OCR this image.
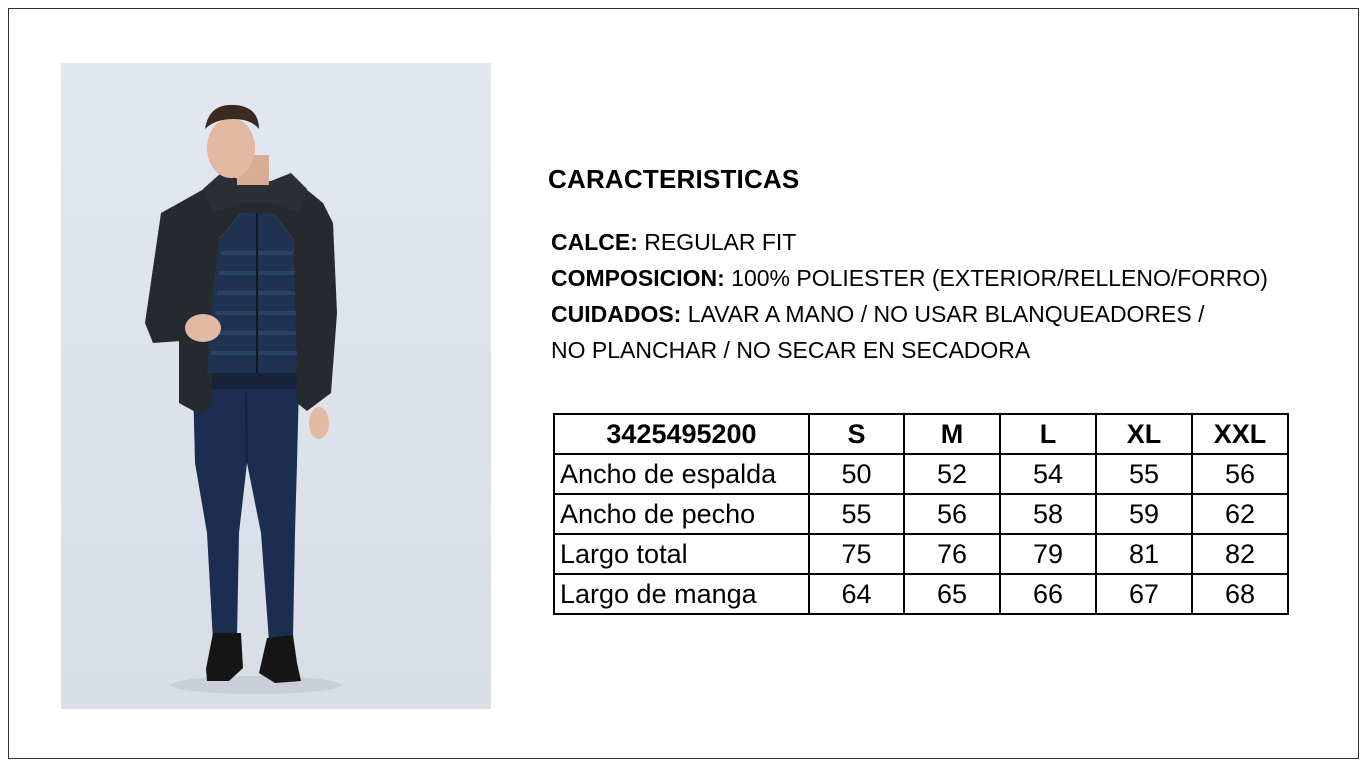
CARACTERISTICAS
CALCE: REGULAR FIT
COMPOSICION: 100% POLIESTER (EXTERIOR/RELLENO/FORRO)
CUIDADOS: LAVAR A MANO / NO USAR BLANQUEADORES /
NO PLANCHAR / NO SECAR EN SECADORA
3425495200	S	M	L	XL	XXL
Ancho de espalda	50	52	54	55	56
Ancho de pecho	55	56	58	59	62
Largo total	75	76	79	81	82
Largo de manga	64	65	66	67	68
